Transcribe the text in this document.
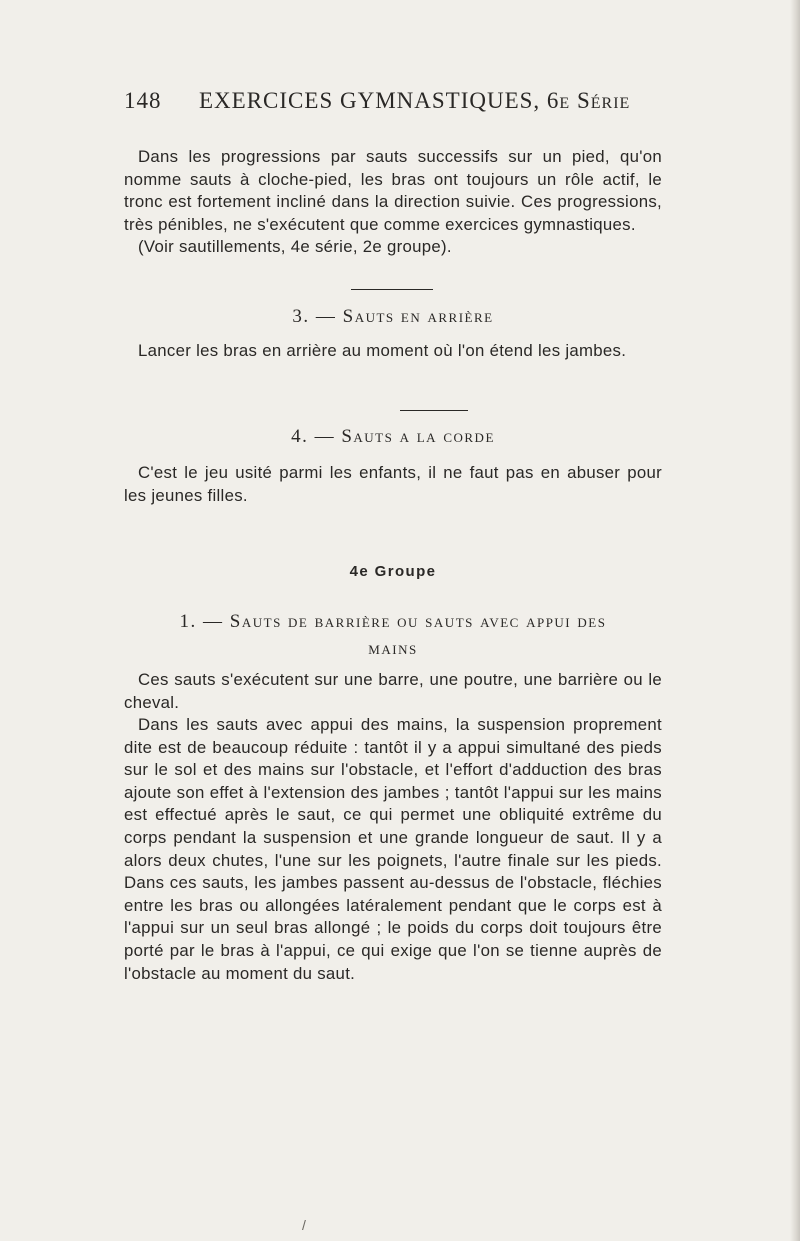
148	EXERCICES GYMNASTIQUES, 6e Série

Dans les progressions par sauts successifs sur un pied, qu'on nomme sauts à cloche-pied, les bras ont toujours un rôle actif, le tronc est fortement incliné dans la direction suivie. Ces progressions, très pénibles, ne s'exécutent que comme exercices gymnastiques.

(Voir sautillements, 4e série, 2e groupe).

3. — Sauts en arrière

Lancer les bras en arrière au moment où l'on étend les jambes.

4. — Sauts a la corde

C'est le jeu usité parmi les enfants, il ne faut pas en abuser pour les jeunes filles.

4e Groupe

1. — Sauts de barrière ou sauts avec appui des mains

Ces sauts s'exécutent sur une barre, une poutre, une barrière ou le cheval.

Dans les sauts avec appui des mains, la suspension proprement dite est de beaucoup réduite : tantôt il y a appui simultané des pieds sur le sol et des mains sur l'obstacle, et l'effort d'adduction des bras ajoute son effet à l'extension des jambes ; tantôt l'appui sur les mains est effectué après le saut, ce qui permet une obliquité extrême du corps pendant la suspension et une grande longueur de saut. Il y a alors deux chutes, l'une sur les poignets, l'autre finale sur les pieds. Dans ces sauts, les jambes passent au-dessus de l'obstacle, fléchies entre les bras ou allongées latéralement pendant que le corps est à l'appui sur un seul bras allongé ; le poids du corps doit toujours être porté par le bras à l'appui, ce qui exige que l'on se tienne auprès de l'obstacle au moment du saut.

/
